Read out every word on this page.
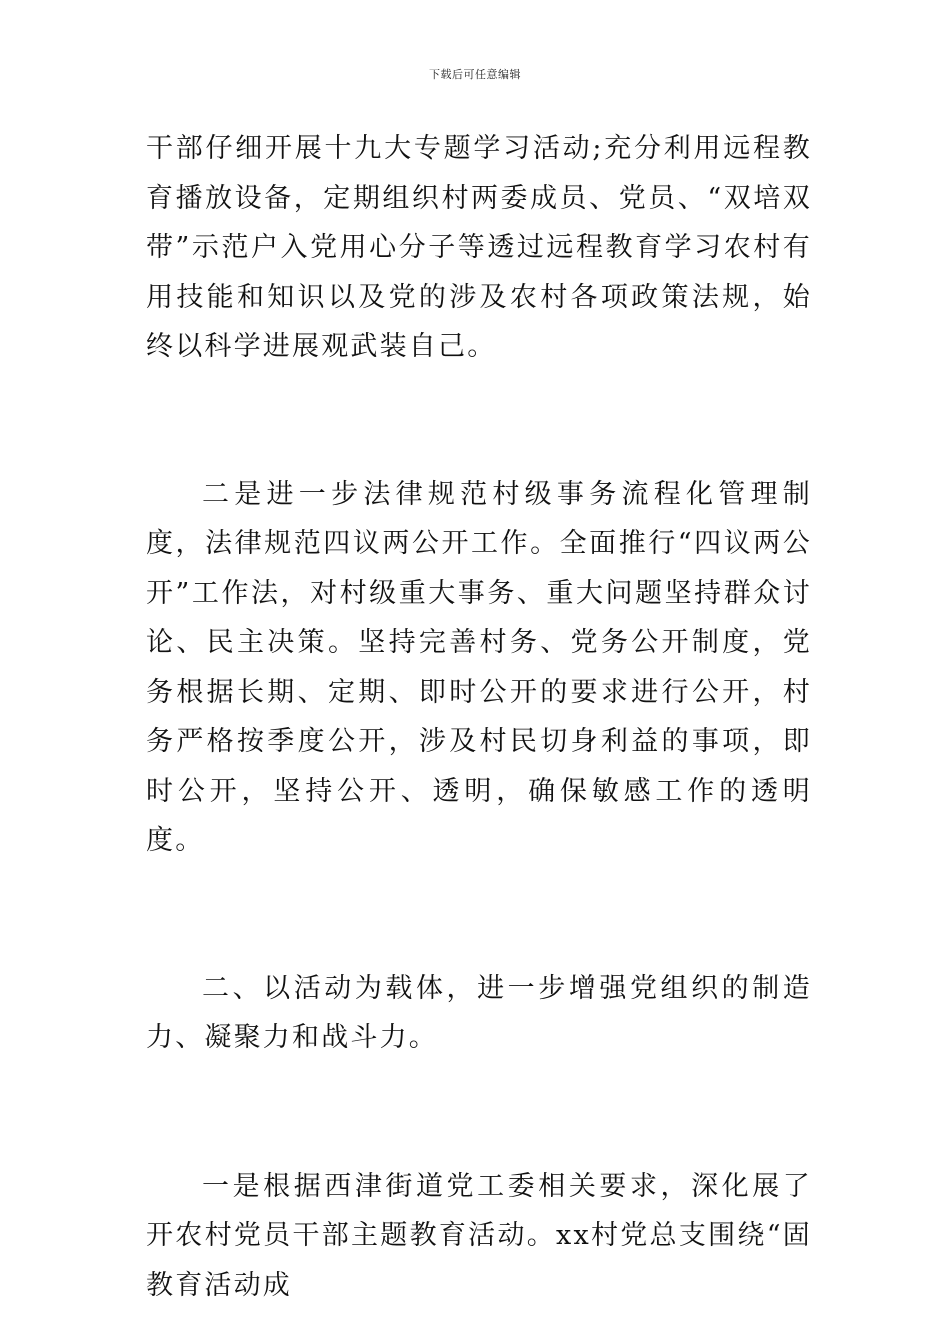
下载后可任意编辑

干部仔细开展十九大专题学习活动;充分利用远程教育播放设备，定期组织村两委成员、党员、“双培双带”示范户入党用心分子等透过远程教育学习农村有用技能和知识以及党的涉及农村各项政策法规，始终以科学进展观武装自己。

二是进一步法律规范村级事务流程化管理制度，法律规范四议两公开工作。全面推行“四议两公开”工作法，对村级重大事务、重大问题坚持群众讨论、民主决策。坚持完善村务、党务公开制度，党务根据长期、定期、即时公开的要求进行公开，村务严格按季度公开，涉及村民切身利益的事项，即时公开，坚持公开、透明，确保敏感工作的透明度。

二、以活动为载体，进一步增强党组织的制造力、凝聚力和战斗力。

一是根据西津街道党工委相关要求，深化展了开农村党员干部主题教育活动。xx村党总支围绕“固教育活动成
